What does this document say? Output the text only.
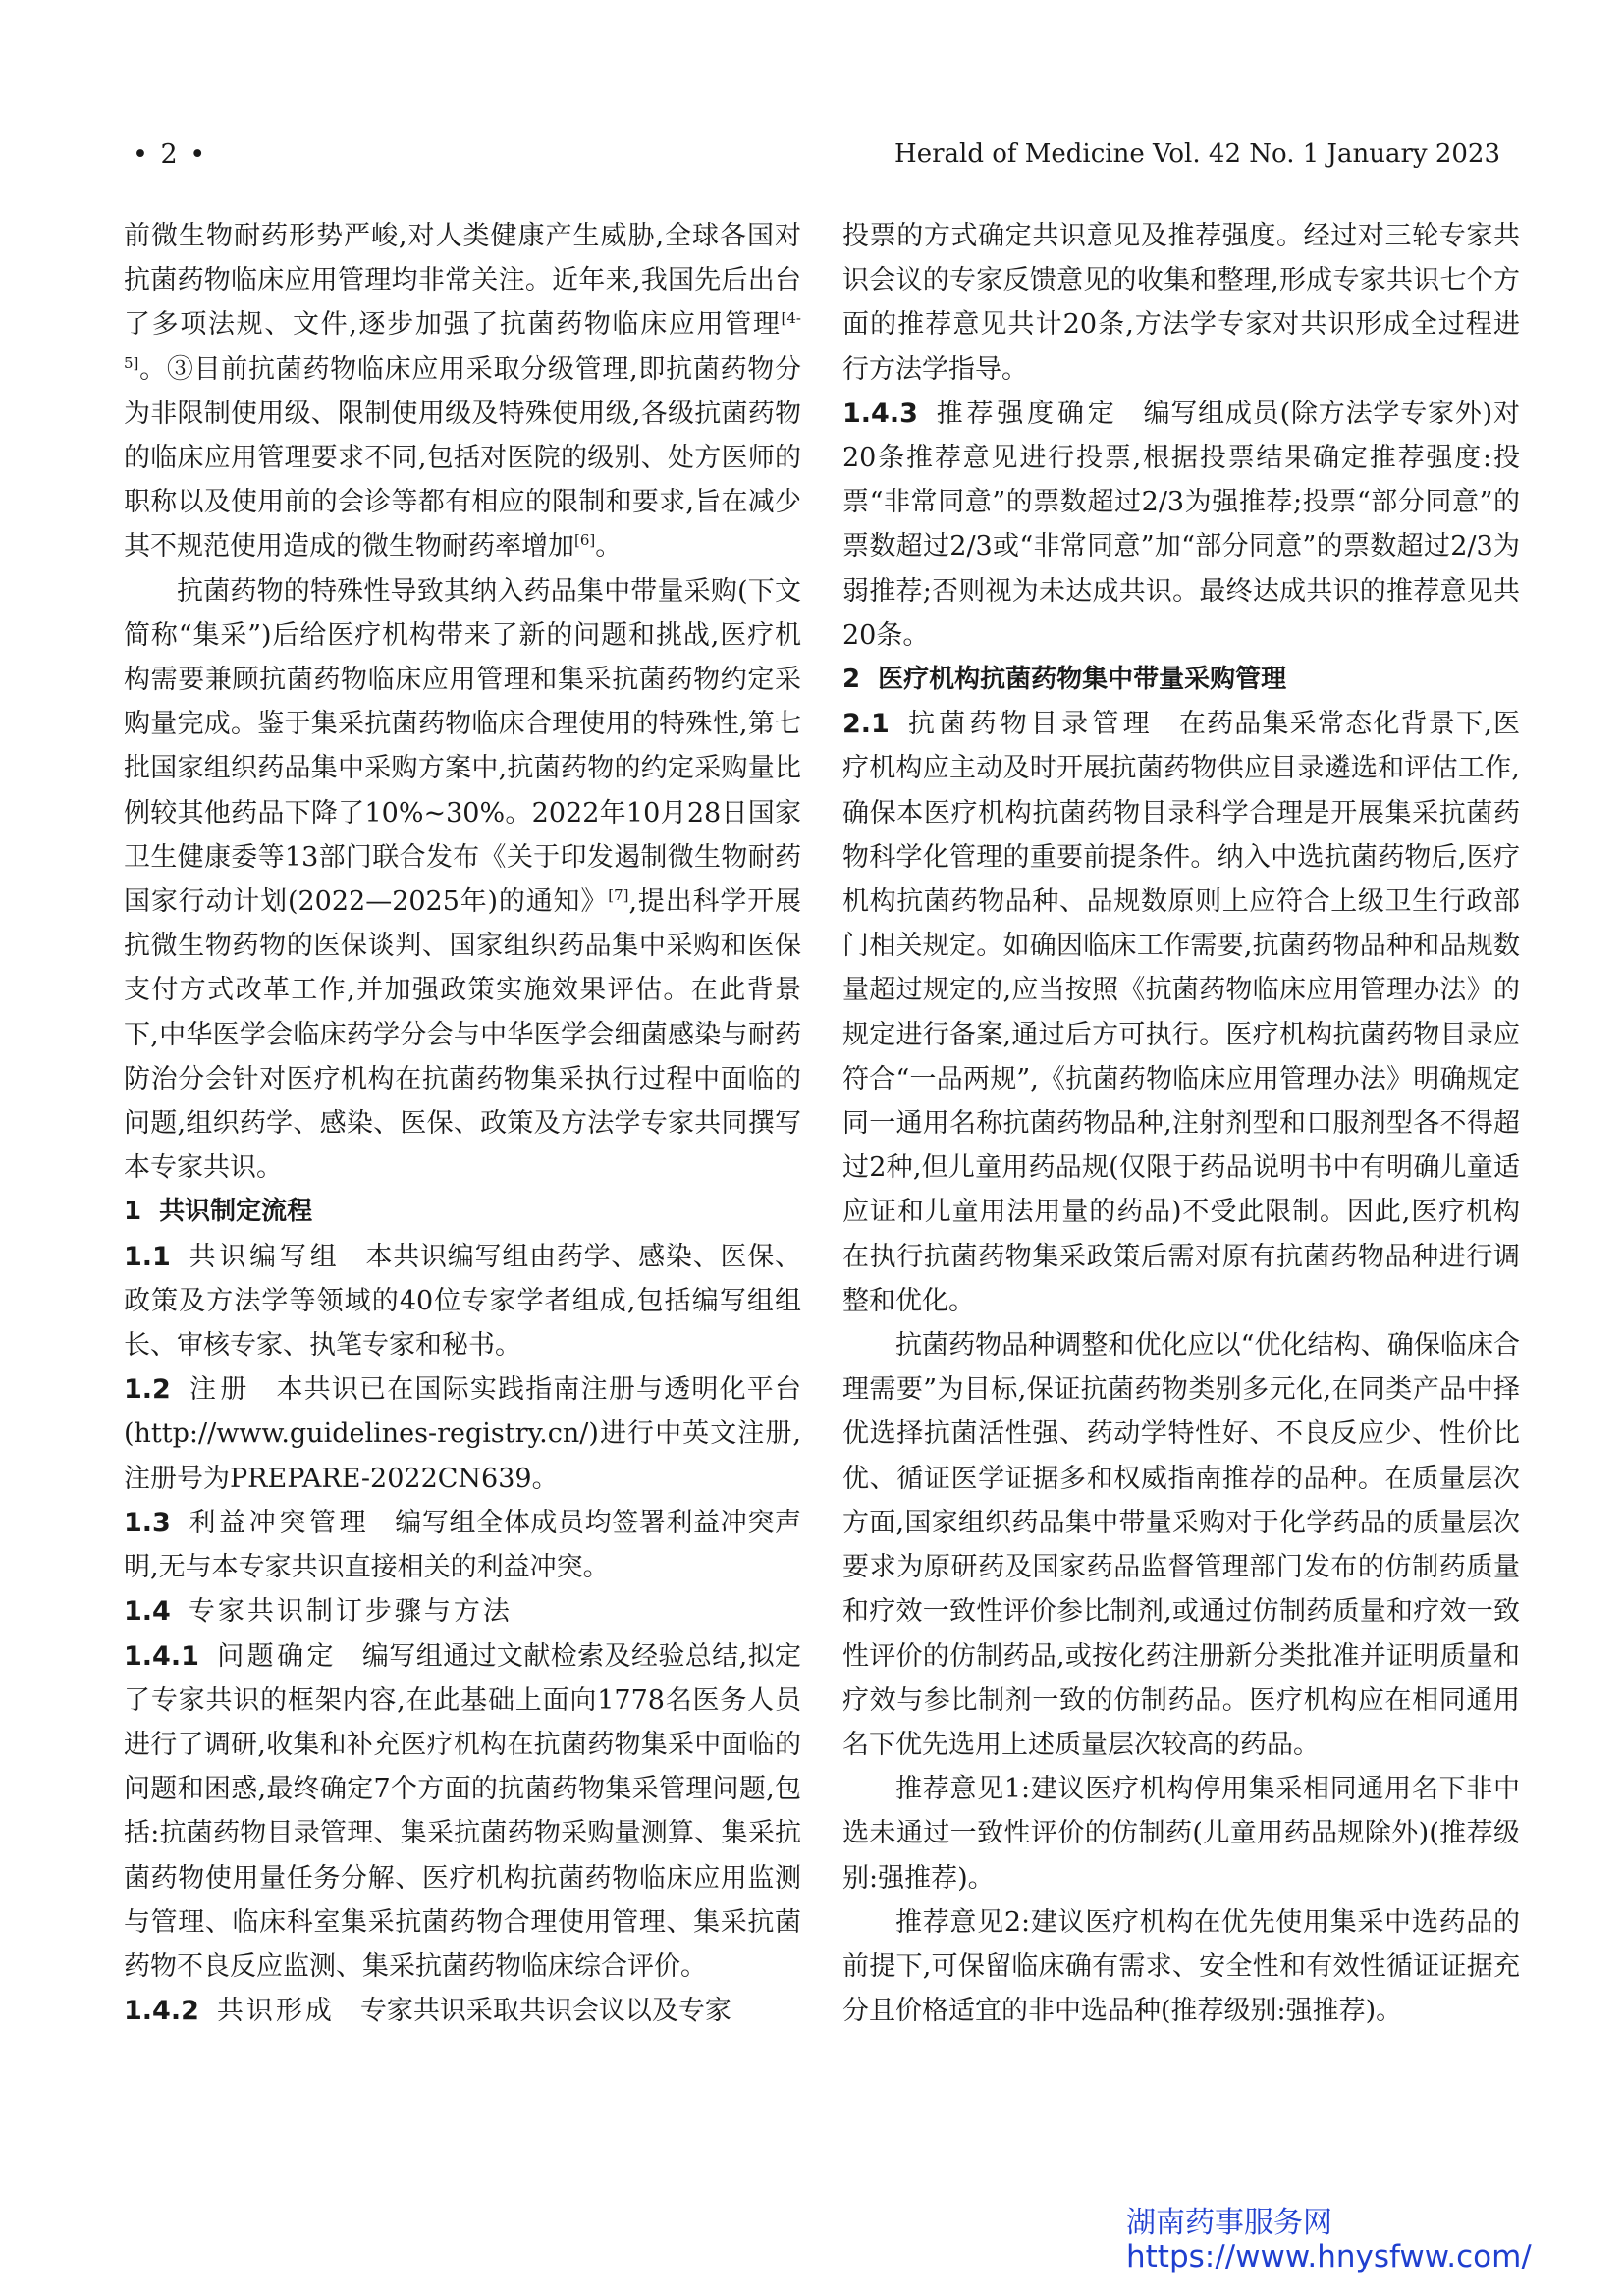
• 2 •	Herald of Medicine Vol. 42 No. 1 January 2023

前微生物耐药形势严峻,对人类健康产生威胁,全球各国对抗菌药物临床应用管理均非常关注。近年来,我国先后出台了多项法规、文件,逐步加强了抗菌药物临床应用管理[4-5]。③目前抗菌药物临床应用采取分级管理,即抗菌药物分为非限制使用级、限制使用级及特殊使用级,各级抗菌药物的临床应用管理要求不同,包括对医院的级别、处方医师的职称以及使用前的会诊等都有相应的限制和要求,旨在减少其不规范使用造成的微生物耐药率增加[6]。

抗菌药物的特殊性导致其纳入药品集中带量采购(下文简称“集采”)后给医疗机构带来了新的问题和挑战,医疗机构需要兼顾抗菌药物临床应用管理和集采抗菌药物约定采购量完成。鉴于集采抗菌药物临床合理使用的特殊性,第七批国家组织药品集中采购方案中,抗菌药物的约定采购量比例较其他药品下降了10%~30%。2022年10月28日国家卫生健康委等13部门联合发布《关于印发遏制微生物耐药国家行动计划(2022—2025年)的通知》[7],提出科学开展抗微生物药物的医保谈判、国家组织药品集中采购和医保支付方式改革工作,并加强政策实施效果评估。在此背景下,中华医学会临床药学分会与中华医学会细菌感染与耐药防治分会针对医疗机构在抗菌药物集采执行过程中面临的问题,组织药学、感染、医保、政策及方法学专家共同撰写本专家共识。

1 共识制定流程

1.1 共识编写组 本共识编写组由药学、感染、医保、政策及方法学等领域的40位专家学者组成,包括编写组组长、审核专家、执笔专家和秘书。

1.2 注册 本共识已在国际实践指南注册与透明化平台(http://www.guidelines-registry.cn/)进行中英文注册,注册号为PREPARE-2022CN639。

1.3 利益冲突管理 编写组全体成员均签署利益冲突声明,无与本专家共识直接相关的利益冲突。

1.4 专家共识制订步骤与方法

1.4.1 问题确定 编写组通过文献检索及经验总结,拟定了专家共识的框架内容,在此基础上面向1778名医务人员进行了调研,收集和补充医疗机构在抗菌药物集采中面临的问题和困惑,最终确定7个方面的抗菌药物集采管理问题,包括:抗菌药物目录管理、集采抗菌药物采购量测算、集采抗菌药物使用量任务分解、医疗机构抗菌药物临床应用监测与管理、临床科室集采抗菌药物合理使用管理、集采抗菌药物不良反应监测、集采抗菌药物临床综合评价。

1.4.2 共识形成 专家共识采取共识会议以及专家

投票的方式确定共识意见及推荐强度。经过对三轮专家共识会议的专家反馈意见的收集和整理,形成专家共识七个方面的推荐意见共计20条,方法学专家对共识形成全过程进行方法学指导。

1.4.3 推荐强度确定 编写组成员(除方法学专家外)对20条推荐意见进行投票,根据投票结果确定推荐强度:投票“非常同意”的票数超过2/3为强推荐;投票“部分同意”的票数超过2/3或“非常同意”加“部分同意”的票数超过2/3为弱推荐;否则视为未达成共识。最终达成共识的推荐意见共20条。

2 医疗机构抗菌药物集中带量采购管理

2.1 抗菌药物目录管理 在药品集采常态化背景下,医疗机构应主动及时开展抗菌药物供应目录遴选和评估工作,确保本医疗机构抗菌药物目录科学合理是开展集采抗菌药物科学化管理的重要前提条件。纳入中选抗菌药物后,医疗机构抗菌药物品种、品规数原则上应符合上级卫生行政部门相关规定。如确因临床工作需要,抗菌药物品种和品规数量超过规定的,应当按照《抗菌药物临床应用管理办法》的规定进行备案,通过后方可执行。医疗机构抗菌药物目录应符合“一品两规”,《抗菌药物临床应用管理办法》明确规定同一通用名称抗菌药物品种,注射剂型和口服剂型各不得超过2种,但儿童用药品规(仅限于药品说明书中有明确儿童适应证和儿童用法用量的药品)不受此限制。因此,医疗机构在执行抗菌药物集采政策后需对原有抗菌药物品种进行调整和优化。

抗菌药物品种调整和优化应以“优化结构、确保临床合理需要”为目标,保证抗菌药物类别多元化,在同类产品中择优选择抗菌活性强、药动学特性好、不良反应少、性价比优、循证医学证据多和权威指南推荐的品种。在质量层次方面,国家组织药品集中带量采购对于化学药品的质量层次要求为原研药及国家药品监督管理部门发布的仿制药质量和疗效一致性评价参比制剂,或通过仿制药质量和疗效一致性评价的仿制药品,或按化药注册新分类批准并证明质量和疗效与参比制剂一致的仿制药品。医疗机构应在相同通用名下优先选用上述质量层次较高的药品。

推荐意见1:建议医疗机构停用集采相同通用名下非中选未通过一致性评价的仿制药(儿童用药品规除外)(推荐级别:强推荐)。

推荐意见2:建议医疗机构在优先使用集采中选药品的前提下,可保留临床确有需求、安全性和有效性循证证据充分且价格适宜的非中选品种(推荐级别:强推荐)。

湖南药事服务网
https://www.hnysfww.com/
